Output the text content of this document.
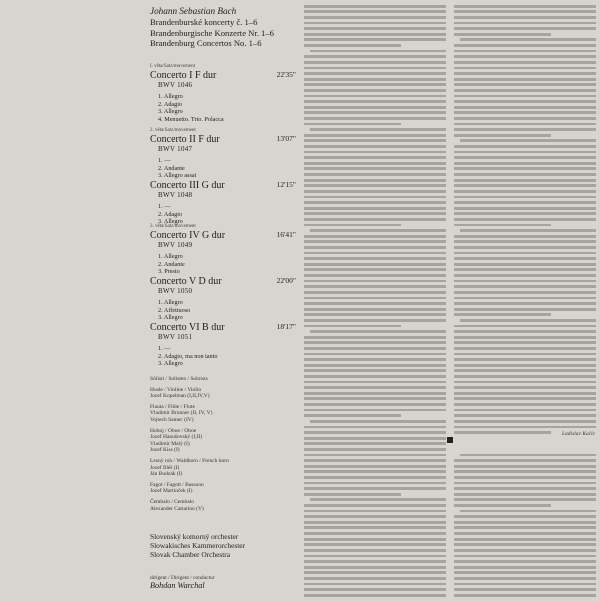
Johann Sebastian Bach
Brandenburské koncerty č. 1–6
Brandenburgische Konzerte Nr. 1–6
Brandenburg Concertos No. 1–6
I. věta/Satz/movement
Concerto I F dur	22'35"
BWV 1046
1. Allegro
2. Adagio
3. Allegro
4. Menuetto. Trio. Polacca
2. věta/Satz/movement
Concerto II F dur	13'07"
BWV 1047
1. —
2. Andante
3. Allegro assai
Concerto III G dur	12'15"
BWV 1048
1. —
2. Adagio
3. Allegro
3. věta/Satz/movement
Concerto IV G dur	16'41"
BWV 1049
1. Allegro
2. Andante
3. Presto
Concerto V D dur	22'00"
BWV 1050
1. Allegro
2. Affettuoso
3. Allegro
Concerto VI B dur	18'17"
BWV 1051
1. —
2. Adagio, ma non tanto
3. Allegro
Sólisti / Solisten / Soloists
Husle / Violine / Violin
Jozef Kopelman (I,II,IV,V)
Flauta / Flöte / Flute
Vladimír Brunner (II, IV, V)
Vojtech Samec (IV)
Hoboj / Oboe / Oboe
Jozef Hanušovský (I,II)
Vladimír Malý (I)
Jozef Kiss (I)
Lesný roh / Waldhorn / French horn
Jozef Illéš (I)
Ján Budzák (I)
Fagot / Fagott / Bassoon
Jozef Martinček (I)
Čembalo / Cembalo
Alexander Cattarino (V)
Slovenský komorný orchester
Slowakisches Kammerorchester
Slovak Chamber Orchestra
dirigent / Dirigent / conductor
Bohdan Warchal
Ladislav Kačic
